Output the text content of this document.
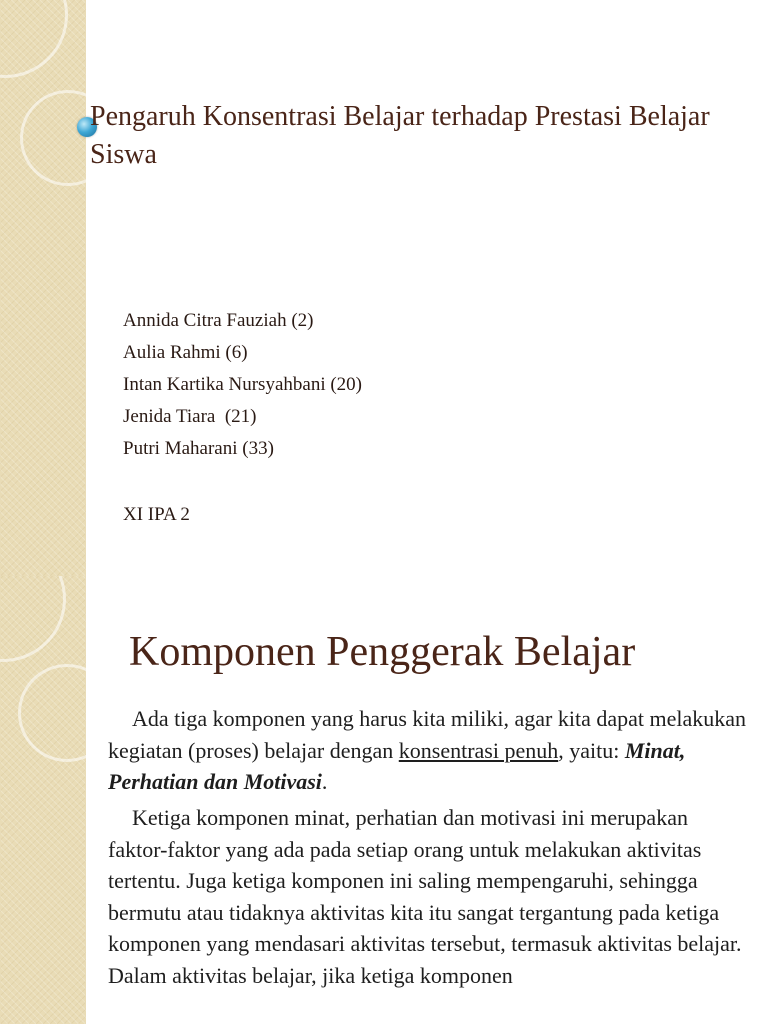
Pengaruh Konsentrasi Belajar terhadap Prestasi Belajar Siswa
Annida Citra Fauziah (2)
Aulia Rahmi (6)
Intan Kartika Nursyahbani (20)
Jenida Tiara  (21)
Putri Maharani (33)
XI IPA 2
Komponen Penggerak Belajar

Ada tiga komponen yang harus kita miliki, agar kita dapat melakukan kegiatan (proses) belajar dengan konsentrasi penuh, yaitu: Minat, Perhatian dan Motivasi.

Ketiga komponen minat, perhatian dan motivasi ini merupakan faktor-faktor yang ada pada setiap orang untuk melakukan aktivitas tertentu. Juga ketiga komponen ini saling mempengaruhi, sehingga bermutu atau tidaknya aktivitas kita itu sangat tergantung pada ketiga komponen yang mendasari aktivitas tersebut, termasuk aktivitas belajar. Dalam aktivitas belajar, jika ketiga komponen
